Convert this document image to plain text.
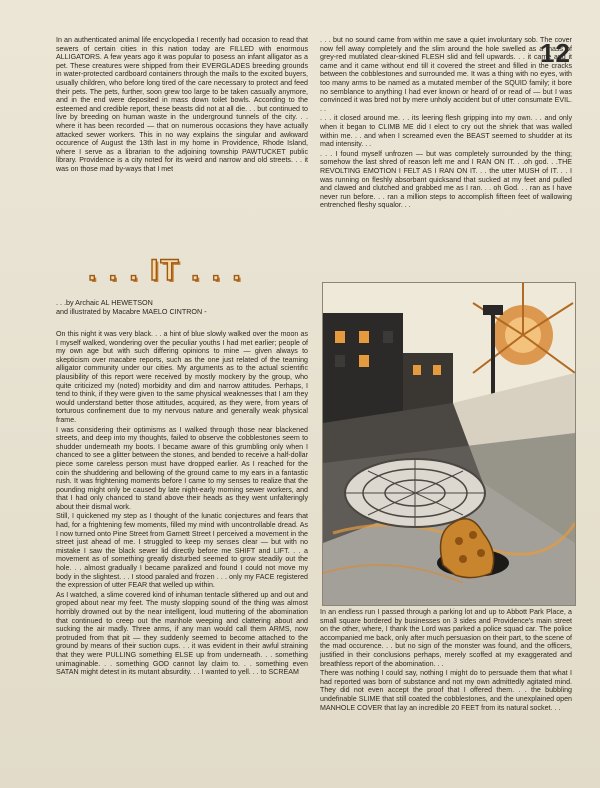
12

In an authenticated animal life encyclopedia I recently had occasion to read that sewers of certain cities in this nation today are FILLED with enormous ALLIGATORS. A few years ago it was popular to posess an infant alligator as a pet. These creatures were shipped from their EVERGLADES breeding grounds in water-protected cardboard containers through the mails to the excited buyers, usually children, who before long tired of the care necessary to protect and feed their pets. The pets, further, soon grew too large to be taken casually anymore, and in the end were deposited in mass down toilet bowls. According to the esteemed and credible report, these beasts did not at all die. . . but continued to live by breeding on human waste in the underground tunnels of the city. . . where it has been recorded — that on numerous occasions they have actually attacked sewer workers. This in no way explains the singular and awkward occurence of August the 13th last in my home in Providence, Rhode Island, where I serve as a librarian to the adjoining township PAWTUCKET public library. Providence is a city noted for its weird and narrow and old streets. . . it was on those mad by-ways that I met

. . . but no sound came from within me save a quiet involuntary sob. The cover now fell away completely and the slim around the hole swelled as a mass of grey-red mutilated clear-skined FLESH slid and fell upwards. . . it came and it came and it came without end till it covered the street and filled in the cracks between the cobblestones and surrounded me. It was a thing with no eyes, with too many arms to be named as a mutated member of the SQUID family; it bore no semblance to anything I had ever known or heard of or read of — but I was convinced it was bred not by mere unholy accident but of utter consumate EVIL. . .

. . . it closed around me. . . its leering flesh gripping into my own. . . and only when it began to CLIMB ME did I elect to cry out the shriek that was walled within me. . . and when I screamed even the BEAST seemed to shudder at its mad intensity. . .

. . . I found myself unfrozen — but was completely surrounded by the thing; somehow the last shred of reason left me and I RAN ON IT. . .oh god. . .THE REVOLTING EMOTION I FELT AS I RAN ON IT. . . the utter MUSH of IT. . . I was running on fleshly absorbant quicksand that sucked at my feet and pulled and clawed and clutched and grabbed me as I ran. . . oh God. . . ran as I have never run before. . . ran a million steps to accomplish fifteen feet of wallowing entrenched fleshy squalor. . .

. . . IT . . .

. . .by Archaic AL HEWETSON

and illustrated by Macabre MAELO CINTRON -

On this night it was very black. . . a hint of blue slowly walked over the moon as I myself walked, wondering over the peculiar youths I had met earlier; people of my own age but with such differing opinions to mine — given always to skepticism over macabre reports, such as the one just related of the teaming alligator community under our cities. My arguments as to the actual scientific plausibility of this report were received by mostly mockery by the group, who quite criticized my (noted) morbidity and dim and narrow attitudes. Perhaps, I tend to think, if they were given to the same physical weaknesses that I am they would understand better those attitudes, acquired, as they were, from years of torturous confinement due to my nervous nature and generally weak physical frame.

I was considering their optimisms as I walked through those near blackened streets, and deep into my thoughts, failed to observe the cobblestones seem to shudder underneath my boots. I became aware of this grumbling only when I chanced to see a glitter between the stones, and bended to receive a half-dollar piece some careless person must have dropped earlier. As I reached for the coin the shuddering and bellowing of the ground came to my ears in a fantastic rush. It was frightening moments before I came to my senses to realize that the pounding might only be caused by late night-early morning sewer workers, and that I had only chanced to stand above their heads as they went unfalteringly about their dismal work.

Still, I quickened my step as I thought of the lunatic conjectures and fears that had, for a frightening few moments, filled my mind with uncontrollable dread. As I now turned onto Pine Street from Garnett Street I perceived a movement in the street just ahead of me. I struggled to keep my senses clear — but with no mistake I saw the black sewer lid directly before me SHIFT and LIFT. . . a movement as of something greatly disturbed seemed to grow steadily out the hole. . . almost gradually I became paralized and found I could not move my body in the slightest. . . I stood paraled and frozen . . . only my FACE registered the expression of utter FEAR that welled up within.

As I watched, a slime covered kind of inhuman tentacle slithered up and out and groped about near my feet. The musty slopping sound of the thing was almost horribly drowned out by the near intelligent, loud muttering of the abomination that continued to creep out the manhole weeping and clattering about and sucking the air madly. Three arms, if any man would call them ARMS, now protruded from that pit — they suddenly seemed to become attached to the ground by means of their suction cups. . . it was evident in their awful straining that they were PULLING something ELSE up from underneath. . . something unimaginable. . . something GOD cannot lay claim to. . . something even SATAN might detest in its mutant absurdity. . . I wanted to yell. . . to SCREAM

In an endless run I passed through a parking lot and up to Abbott Park Place, a small square bordered by businesses on 3 sides and Providence's main street on the other, where, I thank the Lord was parked a police squad car. The police accompanied me back, only after much persuasion on their part, to the scene of the mad occurence. . . but no sign of the monster was found, and the officers, justified in their conclusions perhaps, merely scoffed at my exaggerated and breathless report of the abomination. . .

There was nothing I could say, nothing I might do to persuade them that what I had reported was born of substance and not my own admittedly agitated mind. They did not even accept the proof that I offered them. . . the bubbling undefinable SLIME that still coated the cobblestones, and the unexplained open MANHOLE COVER that lay an incredible 20 FEET from its natural socket. . .
